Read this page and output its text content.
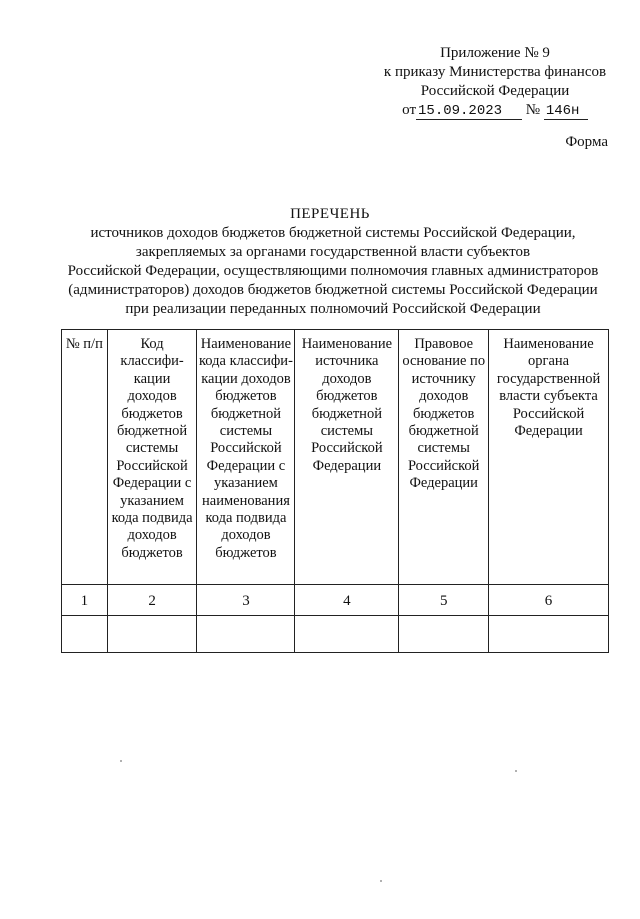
Приложение № 9
к приказу Министерства финансов
Российской Федерации
от 15.09.2023 № 146н
Форма
ПЕРЕЧЕНЬ
источников доходов бюджетов бюджетной системы Российской Федерации,
закрепляемых за органами государственной власти субъектов
Российской Федерации, осуществляющими полномочия главных администраторов
(администраторов) доходов бюджетов бюджетной системы Российской Федерации
при реализации переданных полномочий Российской Федерации
№ п/п	Код классифи-кации доходов бюджетов бюджетной системы Российской Федерации с указанием кода подвида доходов бюджетов	Наименование кода классифи-кации доходов бюджетов бюджетной системы Российской Федерации с указанием наименования кода подвида доходов бюджетов	Наименование источника доходов бюджетов бюджетной системы Российской Федерации	Правовое основание по источнику доходов бюджетов бюджетной системы Российской Федерации	Наименование органа государственной власти субъекта Российской Федерации
1	2	3	4	5	6
